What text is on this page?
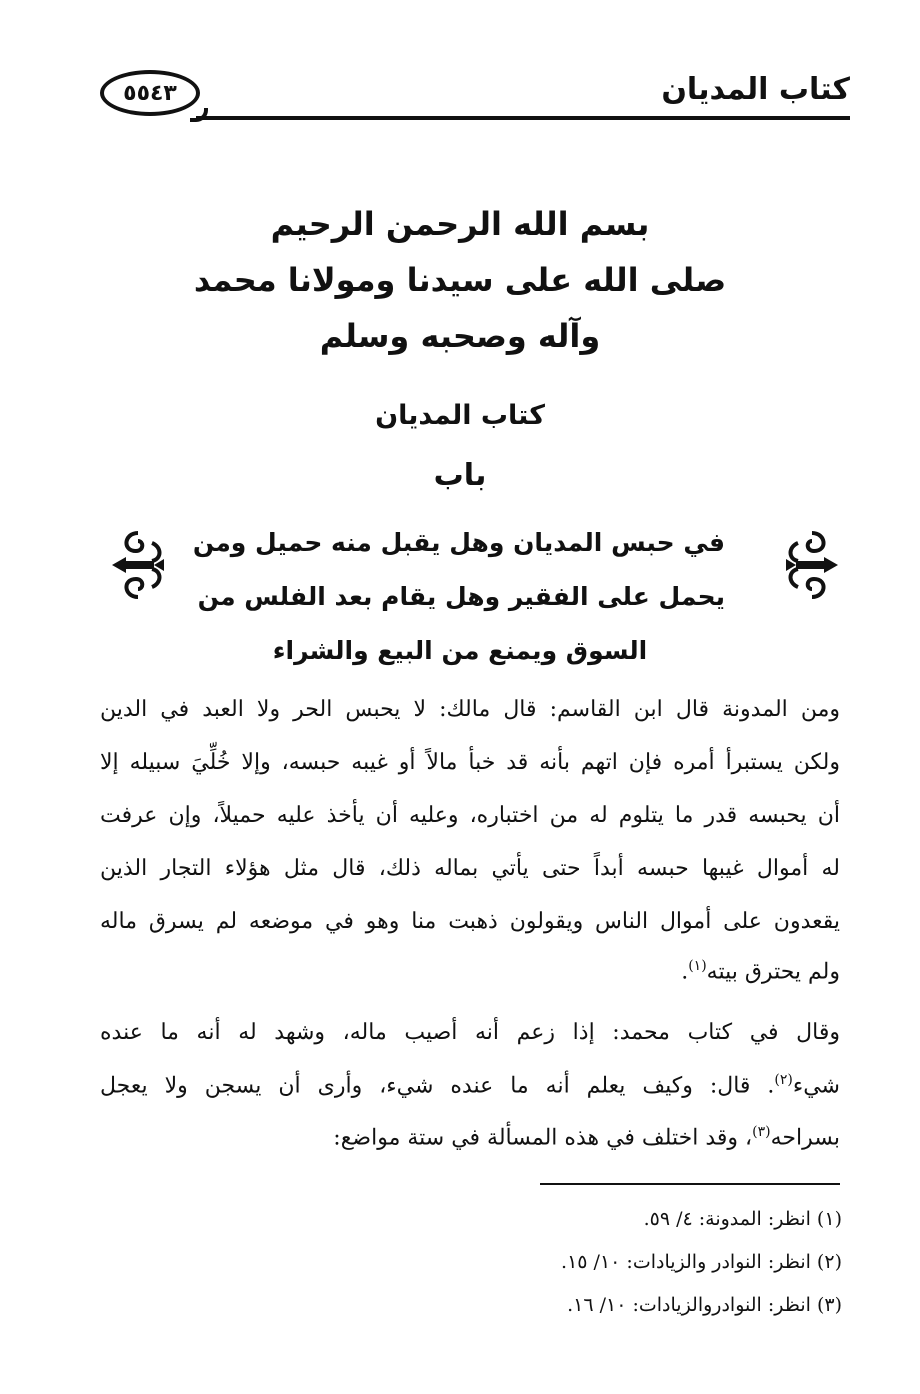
كتاب المديان
٥٥٤٣
بسم الله الرحمن الرحيم
صلى الله على سيدنا ومولانا محمد
وآله وصحبه وسلم
كتاب المديان
باب
في حبس المديان وهل يقبل منه حميل ومن
يحمل على الفقير وهل يقام بعد الفلس من
السوق ويمنع من البيع والشراء
ومن المدونة قال ابن القاسم: قال مالك: لا يحبس الحر ولا العبد في الدين
ولكن يستبرأ أمره فإن اتهم بأنه قد خبأ مالاً أو غيبه حبسه، وإلا خُلِّيَ سبيله إلا
أن يحبسه قدر ما يتلوم له من اختباره، وعليه أن يأخذ عليه حميلاً، وإن عرفت
له أموال غيبها حبسه أبداً حتى يأتي بماله ذلك، قال مثل هؤلاء التجار الذين
يقعدون على أموال الناس ويقولون ذهبت منا وهو في موضعه لم يسرق ماله
ولم يحترق بيته$^{(١)}$.
وقال في كتاب محمد: إذا زعم أنه أصيب ماله، وشهد له أنه ما عنده
شيء$^{(٢)}$. قال: وكيف يعلم أنه ما عنده شيء، وأرى أن يسجن ولا يعجل
بسراحه$^{(٣)}$، وقد اختلف في هذه المسألة في ستة مواضع:
(١) انظر: المدونة: ٤/ ٥٩.
(٢) انظر: النوادر والزيادات: ١٠/ ١٥.
(٣) انظر: النوادروالزيادات: ١٠/ ١٦.
